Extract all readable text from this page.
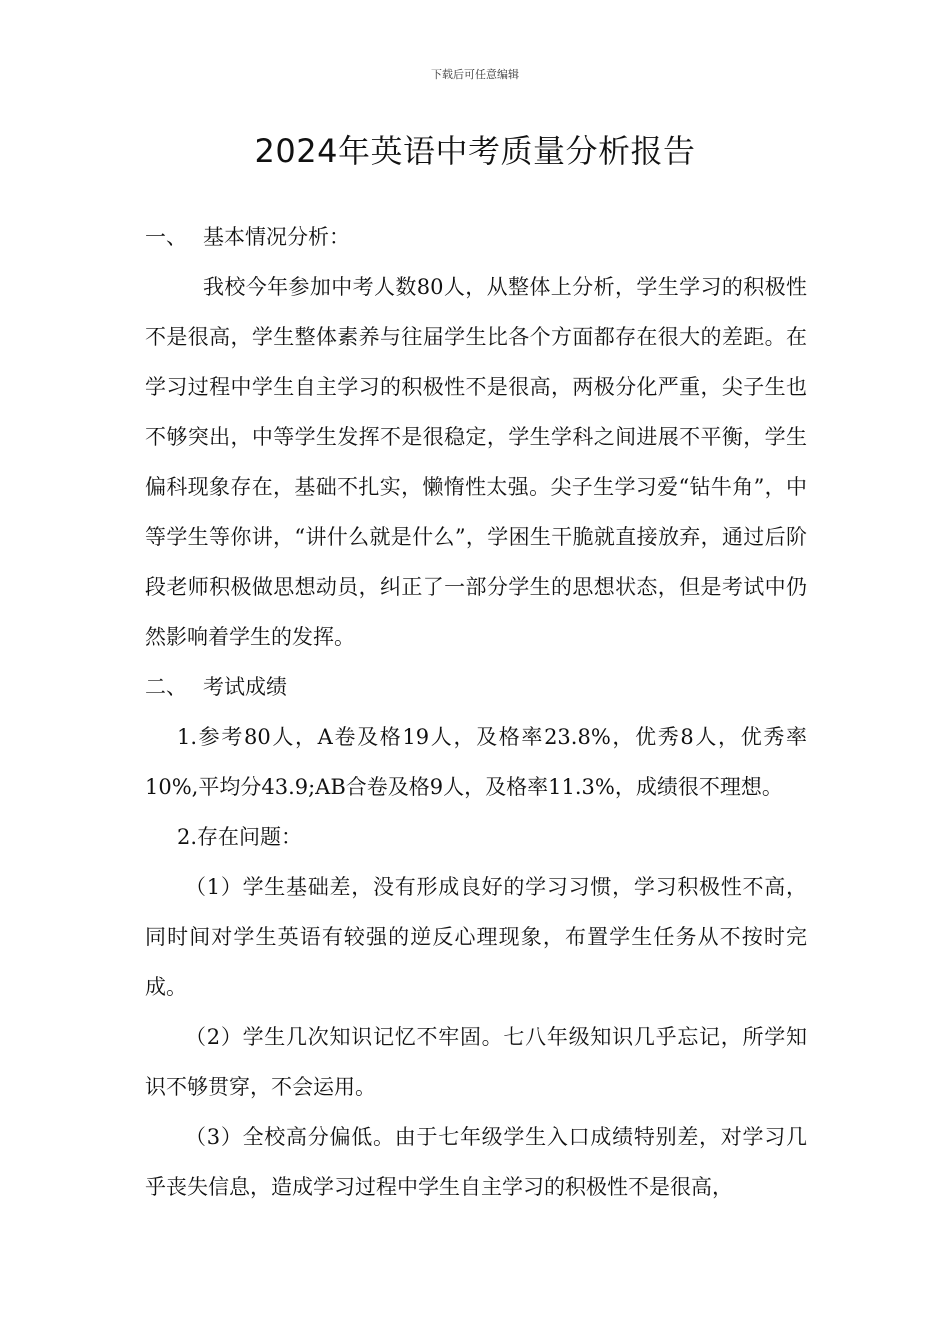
下载后可任意编辑
2024年英语中考质量分析报告

一、 基本情况分析：

我校今年参加中考人数80人，从整体上分析，学生学习的积极性不是很高，学生整体素养与往届学生比各个方面都存在很大的差距。在学习过程中学生自主学习的积极性不是很高，两极分化严重，尖子生也不够突出，中等学生发挥不是很稳定，学生学科之间进展不平衡，学生偏科现象存在，基础不扎实，懒惰性太强。尖子生学习爱“钻牛角”，中等学生等你讲，“讲什么就是什么”，学困生干脆就直接放弃，通过后阶段老师积极做思想动员，纠正了一部分学生的思想状态，但是考试中仍然影响着学生的发挥。

二、 考试成绩

1.参考80人，A卷及格19人，及格率23.8%，优秀8人，优秀率10%,平均分43.9;AB合卷及格9人，及格率11.3%，成绩很不理想。

2.存在问题：

（1）学生基础差，没有形成良好的学习习惯，学习积极性不高，同时间对学生英语有较强的逆反心理现象，布置学生任务从不按时完成。

（2）学生几次知识记忆不牢固。七八年级知识几乎忘记，所学知识不够贯穿，不会运用。

（3）全校高分偏低。由于七年级学生入口成绩特别差，对学习几乎丧失信息，造成学习过程中学生自主学习的积极性不是很高，
